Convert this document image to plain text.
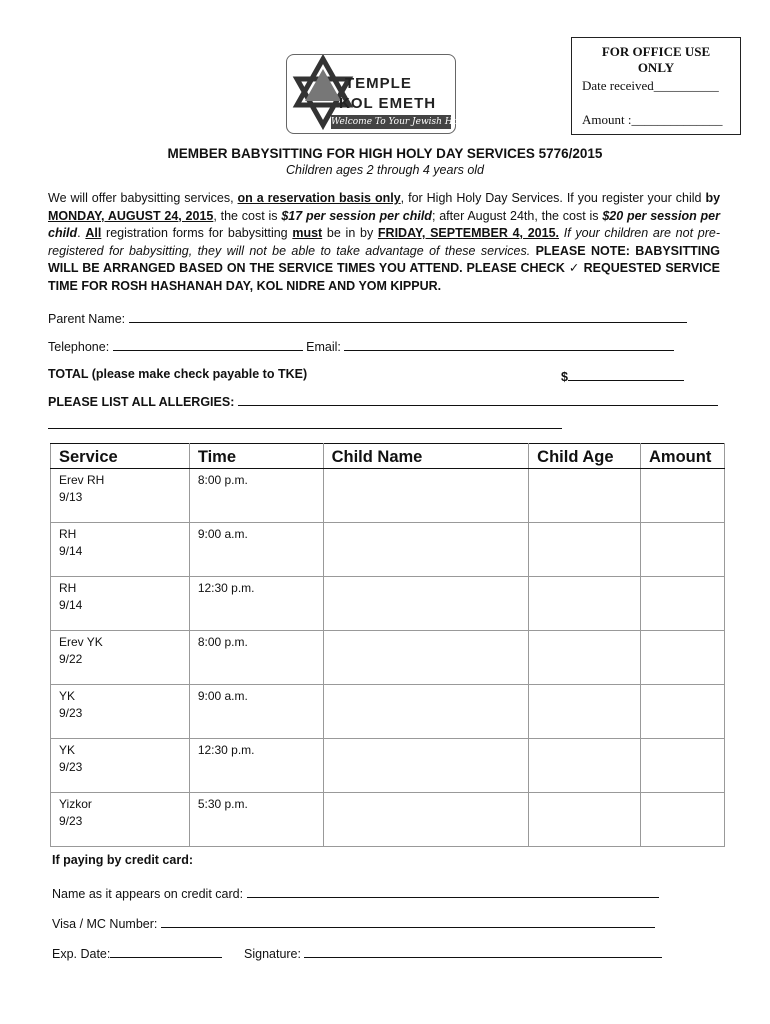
TEMPLE
KOL EMETH
Welcome To Your Jewish Home
FOR OFFICE USE
ONLY
Date received__________
Amount :______________
MEMBER BABYSITTING FOR HIGH HOLY DAY SERVICES 5776/2015
Children ages 2 through 4 years old
We will offer babysitting services, on a reservation basis only, for High Holy Day Services. If you register your child by MONDAY, AUGUST 24, 2015, the cost is $17 per session per child; after August 24th, the cost is $20 per session per child. All registration forms for babysitting must be in by FRIDAY, SEPTEMBER 4, 2015. If your children are not pre-registered for babysitting, they will not be able to take advantage of these services. PLEASE NOTE: BABYSITTING WILL BE ARRANGED BASED ON THE SERVICE TIMES YOU ATTEND. PLEASE CHECK ✓ REQUESTED SERVICE TIME FOR ROSH HASHANAH DAY, KOL NIDRE AND YOM KIPPUR.
Parent Name:
Telephone:	Email:
TOTAL (please make check payable to TKE)	$
PLEASE LIST ALL ALLERGIES:
Service	Time	Child Name	Child Age	Amount

Erev RH
9/13	8:00 p.m.			

RH
9/14	9:00 a.m.			

RH
9/14	12:30 p.m.			

Erev YK
9/22	8:00 p.m.			

YK
9/23	9:00 a.m.			

YK
9/23	12:30 p.m.			

Yizkor
9/23	5:30 p.m.			
If paying by credit card:
Name as it appears on credit card:
Visa / MC Number:
Exp. Date:	Signature:
